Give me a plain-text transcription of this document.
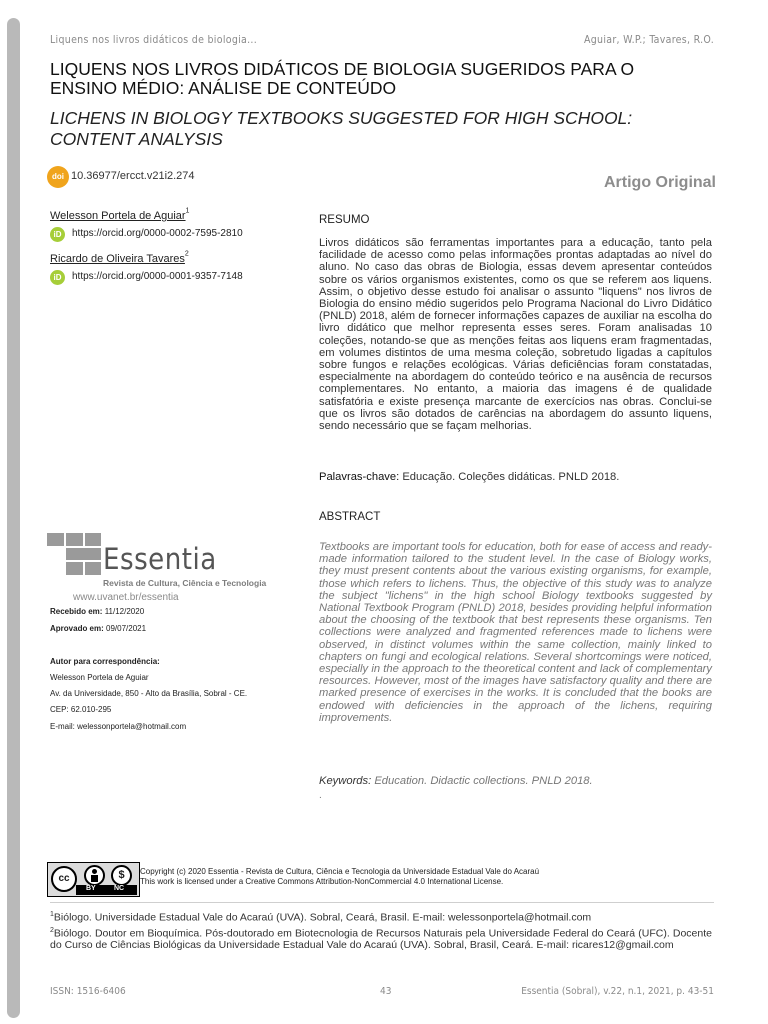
Liquens nos livros didáticos de biologia...	Aguiar, W.P.; Tavares, R.O.
LIQUENS NOS LIVROS DIDÁTICOS DE BIOLOGIA SUGERIDOS PARA O
ENSINO MÉDIO: ANÁLISE DE CONTEÚDO
LICHENS IN BIOLOGY TEXTBOOKS SUGGESTED FOR HIGH SCHOOL:
CONTENT ANALYSIS
doi 10.36977/ercct.v21i2.274	Artigo Original
Welesson Portela de Aguiar$^1$
iD	https://orcid.org/0000-0002-7595-2810
Ricardo de Oliveira Tavares$^2$
iD	https://orcid.org/0000-0001-9357-7148
RESUMO
Livros didáticos são ferramentas importantes para a educação, tanto pela facilidade de acesso como pelas informações prontas adaptadas ao nível do aluno. No caso das obras de Biologia, essas devem apresentar conteúdos sobre os vários organismos existentes, como os que se referem aos liquens. Assim, o objetivo desse estudo foi analisar o assunto "liquens" nos livros de Biologia do ensino médio sugeridos pelo Programa Nacional do Livro Didático (PNLD) 2018, além de fornecer informações capazes de auxiliar na escolha do livro didático que melhor representa esses seres. Foram analisadas 10 coleções, notando-se que as menções feitas aos liquens eram fragmentadas, em volumes distintos de uma mesma coleção, sobretudo ligadas a capítulos sobre fungos e relações ecológicas. Várias deficiências foram constatadas, especialmente na abordagem do conteúdo teórico e na ausência de recursos complementares. No entanto, a maioria das imagens é de qualidade satisfatória e existe presença marcante de exercícios nas obras. Conclui-se que os livros são dotados de carências na abordagem do assunto liquens, sendo necessário que se façam melhorias.
Palavras-chave: Educação. Coleções didáticas. PNLD 2018.
ABSTRACT
Textbooks are important tools for education, both for ease of access and ready-made information tailored to the student level. In the case of Biology works, they must present contents about the various existing organisms, for example, those which refers to lichens. Thus, the objective of this study was to analyze the subject "lichens" in the high school Biology textbooks suggested by National Textbook Program (PNLD) 2018, besides providing helpful information about the choosing of the textbook that best represents these organisms. Ten collections were analyzed and fragmented references made to lichens were observed, in distinct volumes within the same collection, mainly linked to chapters on fungi and ecological relations. Several shortcomings were noticed, especially in the approach to the theoretical content and lack of complementary resources. However, most of the images have satisfactory quality and there are marked presence of exercises in the works. It is concluded that the books are endowed with deficiencies in the approach of the lichens, requiring improvements.
Keywords: Education. Didactic collections. PNLD 2018.
.
Essentia
Revista de Cultura, Ciência e Tecnologia
www.uvanet.br/essentia
Recebido em: 11/12/2020
Aprovado em: 09/07/2021
Autor para correspondência:
Welesson Portela de Aguiar
Av. da Universidade, 850 - Alto da Brasília, Sobral - CE.
CEP: 62.010-295
E-mail: welessonportela@hotmail.com
cc	$
BY	NC
Copyright (c) 2020 Essentia - Revista de Cultura, Ciência e Tecnologia da Universidade Estadual Vale do Acaraú
This work is licensed under a Creative Commons Attribution-NonCommercial 4.0 International License.
$^1$Biólogo. Universidade Estadual Vale do Acaraú (UVA). Sobral, Ceará, Brasil. E-mail: welessonportela@hotmail.com
$^2$Biólogo. Doutor em Bioquímica. Pós-doutorado em Biotecnologia de Recursos Naturais pela Universidade Federal do Ceará (UFC). Docente do Curso de Ciências Biológicas da Universidade Estadual Vale do Acaraú (UVA). Sobral, Brasil, Ceará. E-mail: ricares12@gmail.com
ISSN: 1516-6406	43	Essentia (Sobral), v.22, n.1, 2021, p. 43-51
